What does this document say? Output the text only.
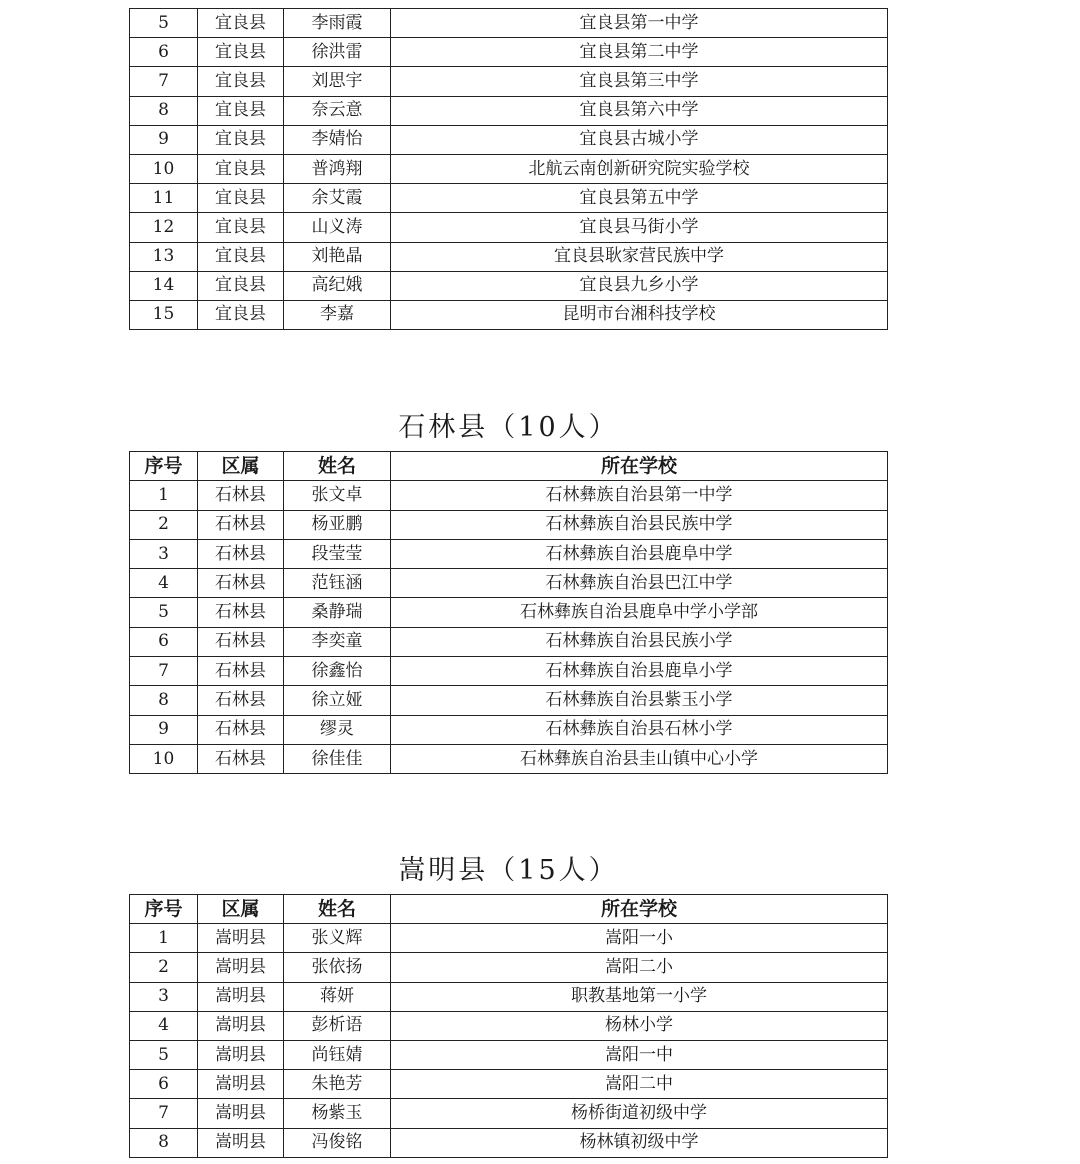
5	宜良县	李雨霞	宜良县第一中学
6	宜良县	徐洪雷	宜良县第二中学
7	宜良县	刘思宇	宜良县第三中学
8	宜良县	奈云意	宜良县第六中学
9	宜良县	李婧怡	宜良县古城小学
10	宜良县	普鸿翔	北航云南创新研究院实验学校
11	宜良县	余艾霞	宜良县第五中学
12	宜良县	山义涛	宜良县马街小学
13	宜良县	刘艳晶	宜良县耿家营民族中学
14	宜良县	高纪娥	宜良县九乡小学
15	宜良县	李嘉	昆明市台湘科技学校
石林县（10人）
序号	区属	姓名	所在学校
1	石林县	张文卓	石林彝族自治县第一中学
2	石林县	杨亚鹏	石林彝族自治县民族中学
3	石林县	段莹莹	石林彝族自治县鹿阜中学
4	石林县	范钰涵	石林彝族自治县巴江中学
5	石林县	桑静瑞	石林彝族自治县鹿阜中学小学部
6	石林县	李奕童	石林彝族自治县民族小学
7	石林县	徐鑫怡	石林彝族自治县鹿阜小学
8	石林县	徐立娅	石林彝族自治县紫玉小学
9	石林县	缪灵	石林彝族自治县石林小学
10	石林县	徐佳佳	石林彝族自治县圭山镇中心小学
嵩明县（15人）
序号	区属	姓名	所在学校
1	嵩明县	张义辉	嵩阳一小
2	嵩明县	张依扬	嵩阳二小
3	嵩明县	蒋妍	职教基地第一小学
4	嵩明县	彭析语	杨林小学
5	嵩明县	尚钰婧	嵩阳一中
6	嵩明县	朱艳芳	嵩阳二中
7	嵩明县	杨紫玉	杨桥街道初级中学
8	嵩明县	冯俊铭	杨林镇初级中学
